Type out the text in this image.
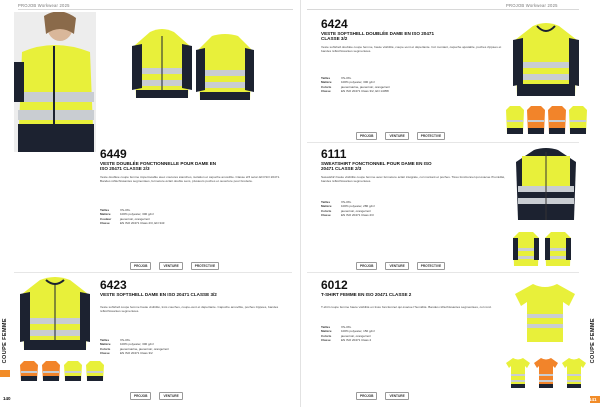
PROJOB Workwear 2025
6449
VESTE DOUBLÉE FONCTIONNELLE POUR DAME EN ISO 20471 CLASSE 2/3
Veste doublée coupe femme imperméable avec coutures étanches, isolation et capuche amovible. Classe 2/3 selon EN ISO 20471. Bandes réfléchissantes segmentées, fermeture éclair double sens, plusieurs poches et ouverture pour broderie.
Tailles	XS-3XL
Matière	100% polyester, 300 g/m²
Couleur	jaune/noir, orange/noir
Classe	EN ISO 20471 Class 2/3, EN 343
PROJOB	VENTURE	PROTECTIVE
6423
VESTE SOFTSHELL DAME EN ISO 20471 CLASSE 3/2
Veste softshell coupe femme haute visibilité, trois couches, coupe-vent et déperlante. Capuche amovible, poches zippées, bandes réfléchissantes segmentées.
Tailles	XS-3XL
Matière	100% polyester, 300 g/m²
Coloris	jaune/marine, jaune/noir, orange/noir
Classe	EN ISO 20471 Class 3/2
PROJOB	VENTURE
COUPE FEMME
140
PROJOB Workwear 2025
6424
VESTE SOFTSHELL DOUBLÉE DAME EN ISO 20471 CLASSE 3/2
Veste softshell doublée coupe femme, haute visibilité, coupe-vent et déperlante. Col montant, capuche ajustable, poches zippées et bandes réfléchissantes segmentées.
Tailles	XS-3XL
Matière	100% polyester, 300 g/m²
Coloris	jaune/marine, jaune/noir, orange/noir
Classe	EN ISO 20471 Class 3/2, EN 14058
PROJOB	VENTURE	PROTECTIVE
6111
SWEATSHIRT FONCTIONNEL POUR DAME EN ISO 20471 CLASSE 2/3
Sweatshirt haute visibilité coupe femme avec fermeture éclair intégrale, col montant et poches. Tissu fonctionnel qui évacue l'humidité, bandes réfléchissantes segmentées.
Tailles	XS-3XL
Matière	100% polyester, 280 g/m²
Coloris	jaune/noir, orange/noir
Classe	EN ISO 20471 Class 2/3
PROJOB	VENTURE	PROTECTIVE
6012
T-SHIRT FEMME EN ISO 20471 CLASSE 2
T-shirt coupe femme haute visibilité en tissu fonctionnel qui évacue l'humidité. Bandes réfléchissantes segmentées, col rond.
Tailles	XS-3XL
Matière	100% polyester, 150 g/m²
Coloris	jaune/noir, orange/noir
Classe	EN ISO 20471 Class 2
PROJOB	VENTURE
COUPE FEMME
141
